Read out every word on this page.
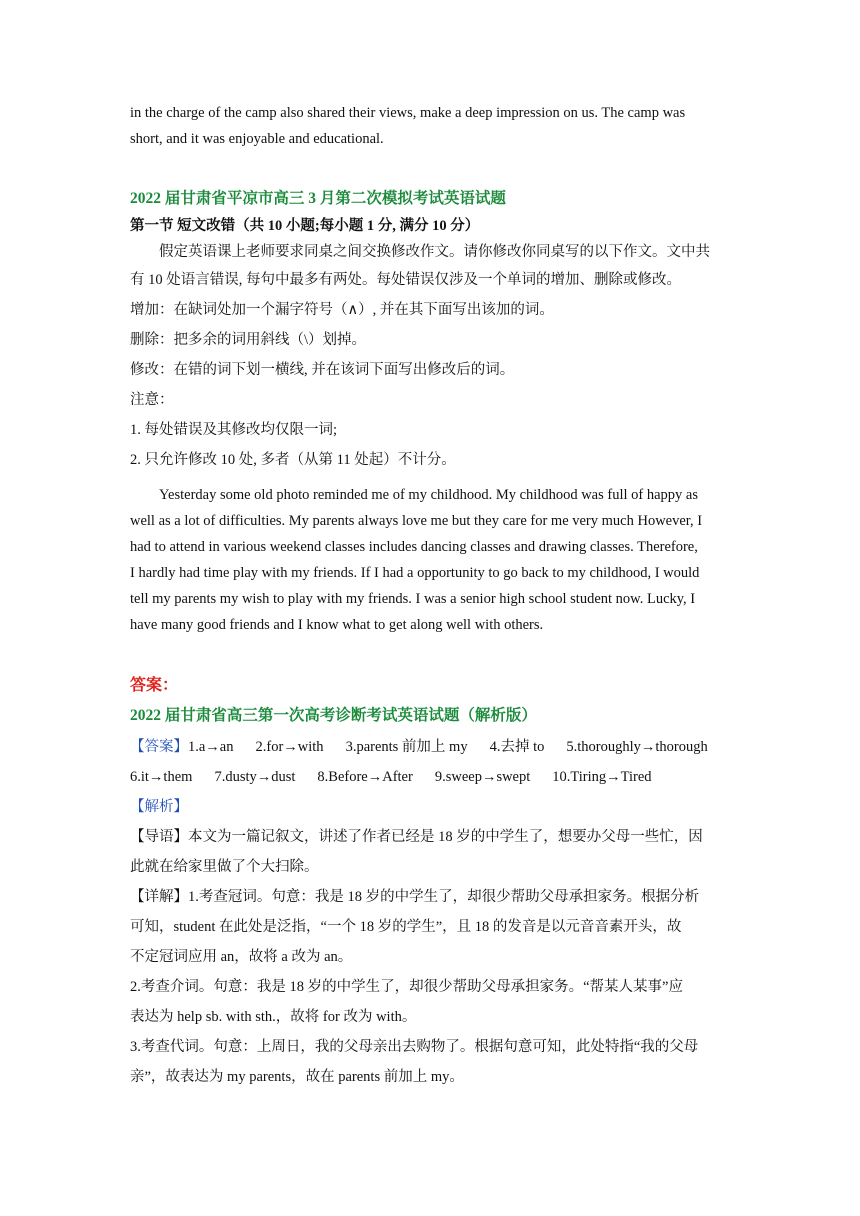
in the charge of the camp also shared their views, make a deep impression on us. The camp was

short, and it was enjoyable and educational.

2022 届甘肃省平凉市高三 3 月第二次模拟考试英语试题

第一节 短文改错（共 10 小题;每小题 1 分, 满分 10 分）

假定英语课上老师要求同桌之间交换修改作文。请你修改你同桌写的以下作文。文中共

有 10 处语言错误, 每句中最多有两处。每处错误仅涉及一个单词的增加、删除或修改。

增加：在缺词处加一个漏字符号（∧）, 并在其下面写出该加的词。

删除：把多余的词用斜线（\）划掉。

修改：在错的词下划一横线, 并在该词下面写出修改后的词。

注意：

1. 每处错误及其修改均仅限一词;

2. 只允许修改 10 处, 多者（从第 11 处起）不计分。

Yesterday some old photo reminded me of my childhood. My childhood was full of happy as

well as a lot of difficulties. My parents always love me but they care for me very much However, I

had to attend in various weekend classes includes dancing classes and drawing classes. Therefore,

I hardly had time play with my friends. If I had a opportunity to go back to my childhood, I would

tell my parents my wish to play with my friends. I was a senior high school student now. Lucky, I

have many good friends and I know what to get along well with others.

答案：

2022 届甘肃省高三第一次高考诊断考试英语试题（解析版）

【答案】1.a→an 2.for→with 3.parents 前加上 my 4.去掉 to 5.thoroughly→thorough
6.it→them 7.dusty→dust 8.Before→After 9.sweep→swept 10.Tiring→Tired

【解析】

【导语】本文为一篇记叙文，讲述了作者已经是 18 岁的中学生了，想要办父母一些忙，因

此就在给家里做了个大扫除。

【详解】1.考查冠词。句意：我是 18 岁的中学生了，却很少帮助父母承担家务。根据分析

可知，student 在此处是泛指，“一个 18 岁的学生”，且 18 的发音是以元音音素开头，故

不定冠词应用 an，故将 a 改为 an。

2.考查介词。句意：我是 18 岁的中学生了，却很少帮助父母承担家务。“帮某人某事”应

表达为 help sb. with sth.，故将 for 改为 with。

3.考查代词。句意：上周日，我的父母亲出去购物了。根据句意可知，此处特指“我的父母

亲”，故表达为 my parents，故在 parents 前加上 my。
